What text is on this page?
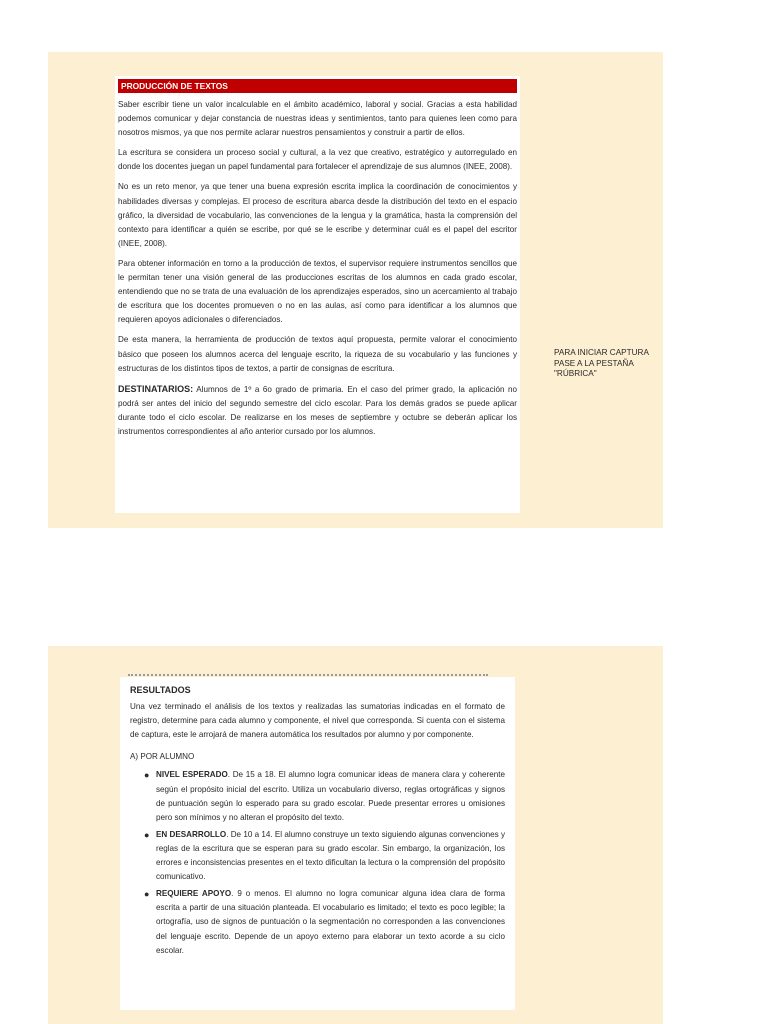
PRODUCCIÓN DE TEXTOS

Saber escribir tiene un valor incalculable en el ámbito académico, laboral y social. Gracias a esta habilidad podemos comunicar y dejar constancia de nuestras ideas y sentimientos, tanto para quienes leen como para nosotros mismos, ya que nos permite aclarar nuestros pensamientos y construir a partir de ellos.

La escritura se considera un proceso social y cultural, a la vez que creativo, estratégico y autorregulado en donde los docentes juegan un papel fundamental para fortalecer el aprendizaje de sus alumnos (INEE, 2008).

No es un reto menor, ya que tener una buena expresión escrita implica la coordinación de conocimientos y habilidades diversas y complejas. El proceso de escritura abarca desde la distribución del texto en el espacio gráfico, la diversidad de vocabulario, las convenciones de la lengua y la gramática, hasta la comprensión del contexto para identificar a quién se escribe, por qué se le escribe y determinar cuál es el papel del escritor (INEE, 2008).

Para obtener información en torno a la producción de textos, el supervisor requiere instrumentos sencillos que le permitan tener una visión general de las producciones escritas de los alumnos en cada grado escolar, entendiendo que no se trata de una evaluación de los aprendizajes esperados, sino un acercamiento al trabajo de escritura que los docentes promueven o no en las aulas, así como para identificar a los alumnos que requieren apoyos adicionales o diferenciados.

De esta manera, la herramienta de producción de textos aquí propuesta, permite valorar el conocimiento básico que poseen los alumnos acerca del lenguaje escrito, la riqueza de su vocabulario y las funciones y estructuras de los distintos tipos de textos, a partir de consignas de escritura.

DESTINATARIOS: Alumnos de 1º a 6o grado de primaria. En el caso del primer grado, la aplicación no podrá ser antes del inicio del segundo semestre del ciclo escolar. Para los demás grados se puede aplicar durante todo el ciclo escolar. De realizarse en los meses de septiembre y octubre se deberán aplicar los instrumentos correspondientes al año anterior cursado por los alumnos.

PARA INICIAR CAPTURA PASE A LA PESTAÑA "RÚBRICA"
RESULTADOS

Una vez terminado el análisis de los textos y realizadas las sumatorias indicadas en el formato de registro, determine para cada alumno y componente, el nivel que corresponda. Si cuenta con el sistema de captura, este le arrojará de manera automática los resultados por alumno y por componente.

A) POR ALUMNO
● NIVEL ESPERADO. De 15 a 18. El alumno logra comunicar ideas de manera clara y coherente según el propósito inicial del escrito. Utiliza un vocabulario diverso, reglas ortográficas y signos de puntuación según lo esperado para su grado escolar. Puede presentar errores u omisiones pero son mínimos y no alteran el propósito del texto.
● EN DESARROLLO. De 10 a 14. El alumno construye un texto siguiendo algunas convenciones y reglas de la escritura que se esperan para su grado escolar. Sin embargo, la organización, los errores e inconsistencias presentes en el texto dificultan la lectura o la comprensión del propósito comunicativo.
● REQUIERE APOYO. 9 o menos. El alumno no logra comunicar alguna idea clara de forma escrita a partir de una situación planteada. El vocabulario es limitado; el texto es poco legible; la ortografía, uso de signos de puntuación o la segmentación no corresponden a las convenciones del lenguaje escrito. Depende de un apoyo externo para elaborar un texto acorde a su ciclo escolar.
